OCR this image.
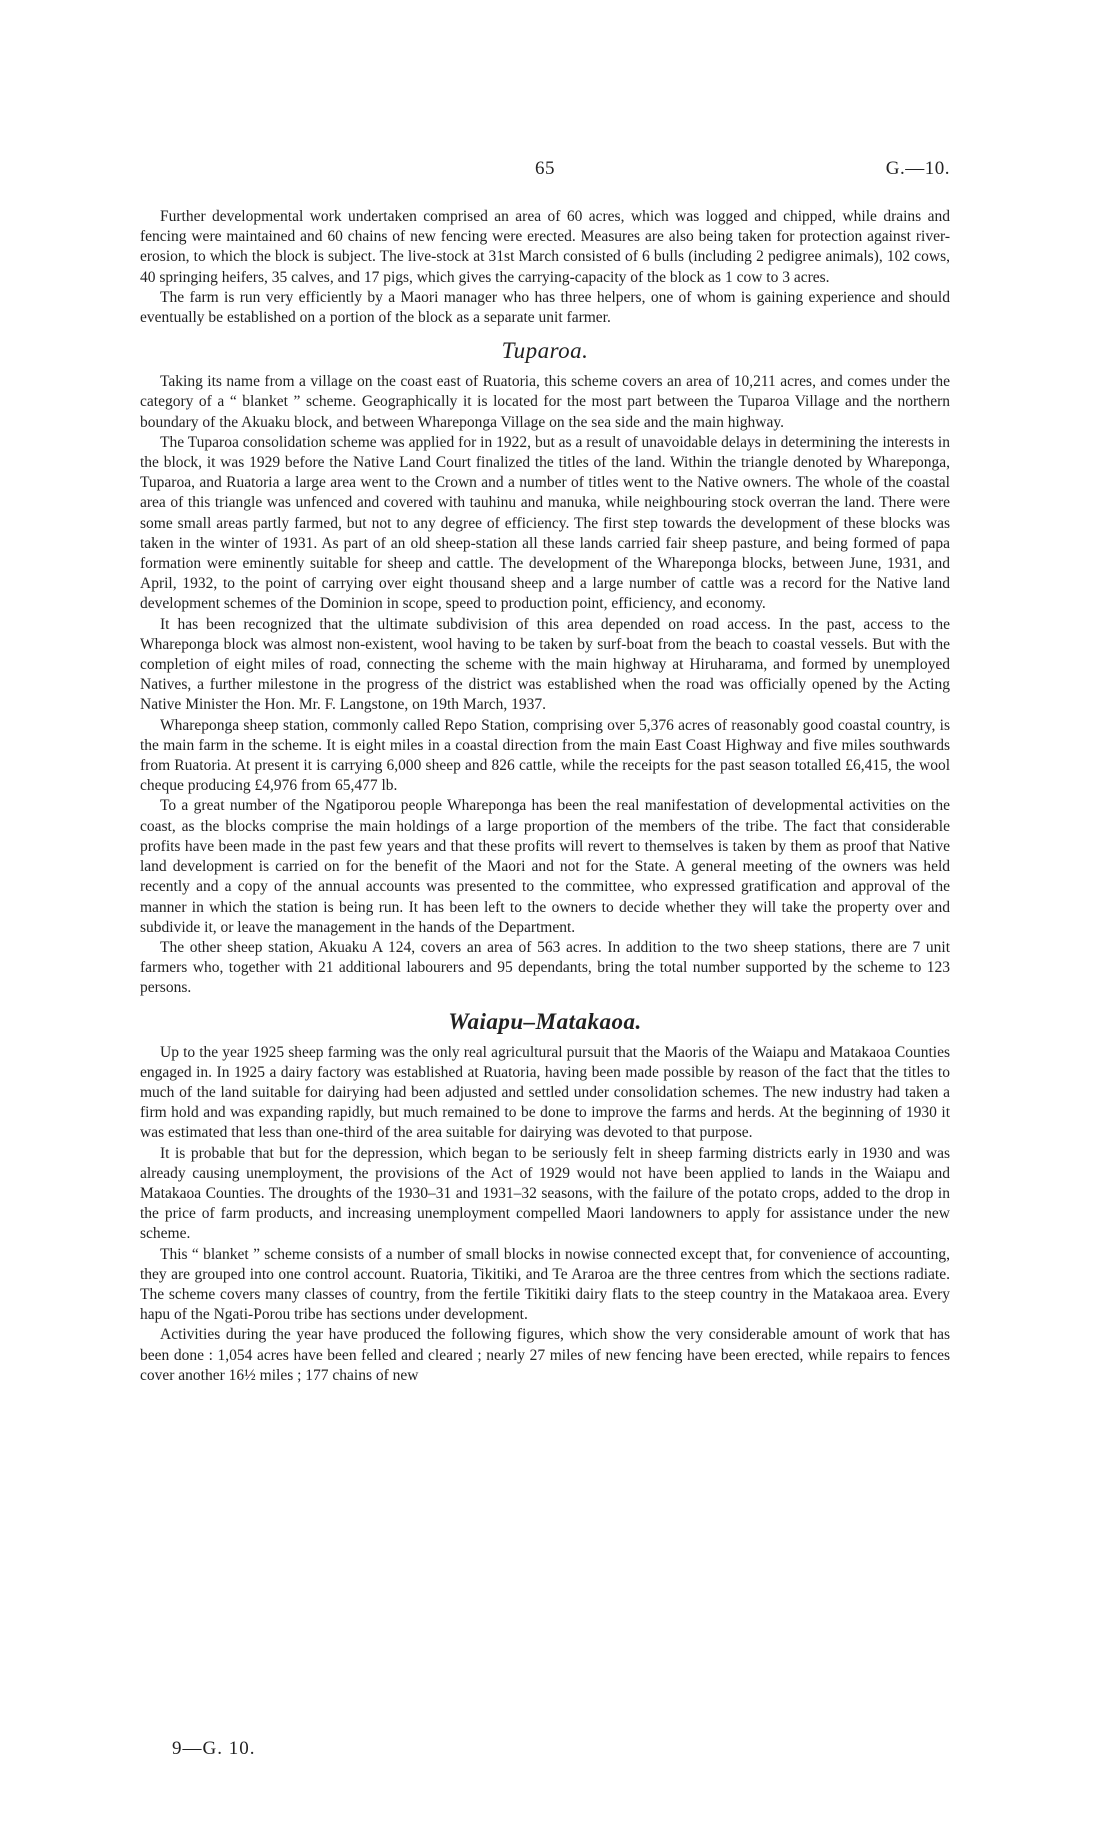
65	G.—10.

Further developmental work undertaken comprised an area of 60 acres, which was logged and chipped, while drains and fencing were maintained and 60 chains of new fencing were erected. Measures are also being taken for protection against river-erosion, to which the block is subject. The live-stock at 31st March consisted of 6 bulls (including 2 pedigree animals), 102 cows, 40 springing heifers, 35 calves, and 17 pigs, which gives the carrying-capacity of the block as 1 cow to 3 acres.

The farm is run very efficiently by a Maori manager who has three helpers, one of whom is gaining experience and should eventually be established on a portion of the block as a separate unit farmer.

Tuparoa.

Taking its name from a village on the coast east of Ruatoria, this scheme covers an area of 10,211 acres, and comes under the category of a “ blanket ” scheme. Geographically it is located for the most part between the Tuparoa Village and the northern boundary of the Akuaku block, and between Whareponga Village on the sea side and the main highway.

The Tuparoa consolidation scheme was applied for in 1922, but as a result of unavoidable delays in determining the interests in the block, it was 1929 before the Native Land Court finalized the titles of the land. Within the triangle denoted by Whareponga, Tuparoa, and Ruatoria a large area went to the Crown and a number of titles went to the Native owners. The whole of the coastal area of this triangle was unfenced and covered with tauhinu and manuka, while neighbouring stock overran the land. There were some small areas partly farmed, but not to any degree of efficiency. The first step towards the development of these blocks was taken in the winter of 1931. As part of an old sheep-station all these lands carried fair sheep pasture, and being formed of papa formation were eminently suitable for sheep and cattle. The development of the Whareponga blocks, between June, 1931, and April, 1932, to the point of carrying over eight thousand sheep and a large number of cattle was a record for the Native land development schemes of the Dominion in scope, speed to production point, efficiency, and economy.

It has been recognized that the ultimate subdivision of this area depended on road access. In the past, access to the Whareponga block was almost non-existent, wool having to be taken by surf-boat from the beach to coastal vessels. But with the completion of eight miles of road, connecting the scheme with the main highway at Hiruharama, and formed by unemployed Natives, a further milestone in the progress of the district was established when the road was officially opened by the Acting Native Minister the Hon. Mr. F. Langstone, on 19th March, 1937.

Whareponga sheep station, commonly called Repo Station, comprising over 5,376 acres of reasonably good coastal country, is the main farm in the scheme. It is eight miles in a coastal direction from the main East Coast Highway and five miles southwards from Ruatoria. At present it is carrying 6,000 sheep and 826 cattle, while the receipts for the past season totalled £6,415, the wool cheque producing £4,976 from 65,477 lb.

To a great number of the Ngatiporou people Whareponga has been the real manifestation of developmental activities on the coast, as the blocks comprise the main holdings of a large proportion of the members of the tribe. The fact that considerable profits have been made in the past few years and that these profits will revert to themselves is taken by them as proof that Native land development is carried on for the benefit of the Maori and not for the State. A general meeting of the owners was held recently and a copy of the annual accounts was presented to the committee, who expressed gratification and approval of the manner in which the station is being run. It has been left to the owners to decide whether they will take the property over and subdivide it, or leave the management in the hands of the Department.

The other sheep station, Akuaku A 124, covers an area of 563 acres. In addition to the two sheep stations, there are 7 unit farmers who, together with 21 additional labourers and 95 dependants, bring the total number supported by the scheme to 123 persons.

Waiapu–Matakaoa.

Up to the year 1925 sheep farming was the only real agricultural pursuit that the Maoris of the Waiapu and Matakaoa Counties engaged in. In 1925 a dairy factory was established at Ruatoria, having been made possible by reason of the fact that the titles to much of the land suitable for dairying had been adjusted and settled under consolidation schemes. The new industry had taken a firm hold and was expanding rapidly, but much remained to be done to improve the farms and herds. At the beginning of 1930 it was estimated that less than one-third of the area suitable for dairying was devoted to that purpose.

It is probable that but for the depression, which began to be seriously felt in sheep farming districts early in 1930 and was already causing unemployment, the provisions of the Act of 1929 would not have been applied to lands in the Waiapu and Matakaoa Counties. The droughts of the 1930–31 and 1931–32 seasons, with the failure of the potato crops, added to the drop in the price of farm products, and increasing unemployment compelled Maori landowners to apply for assistance under the new scheme.

This “ blanket ” scheme consists of a number of small blocks in nowise connected except that, for convenience of accounting, they are grouped into one control account. Ruatoria, Tikitiki, and Te Araroa are the three centres from which the sections radiate. The scheme covers many classes of country, from the fertile Tikitiki dairy flats to the steep country in the Matakaoa area. Every hapu of the Ngati-Porou tribe has sections under development.

Activities during the year have produced the following figures, which show the very considerable amount of work that has been done : 1,054 acres have been felled and cleared ; nearly 27 miles of new fencing have been erected, while repairs to fences cover another 16½ miles ; 177 chains of new

9—G. 10.
